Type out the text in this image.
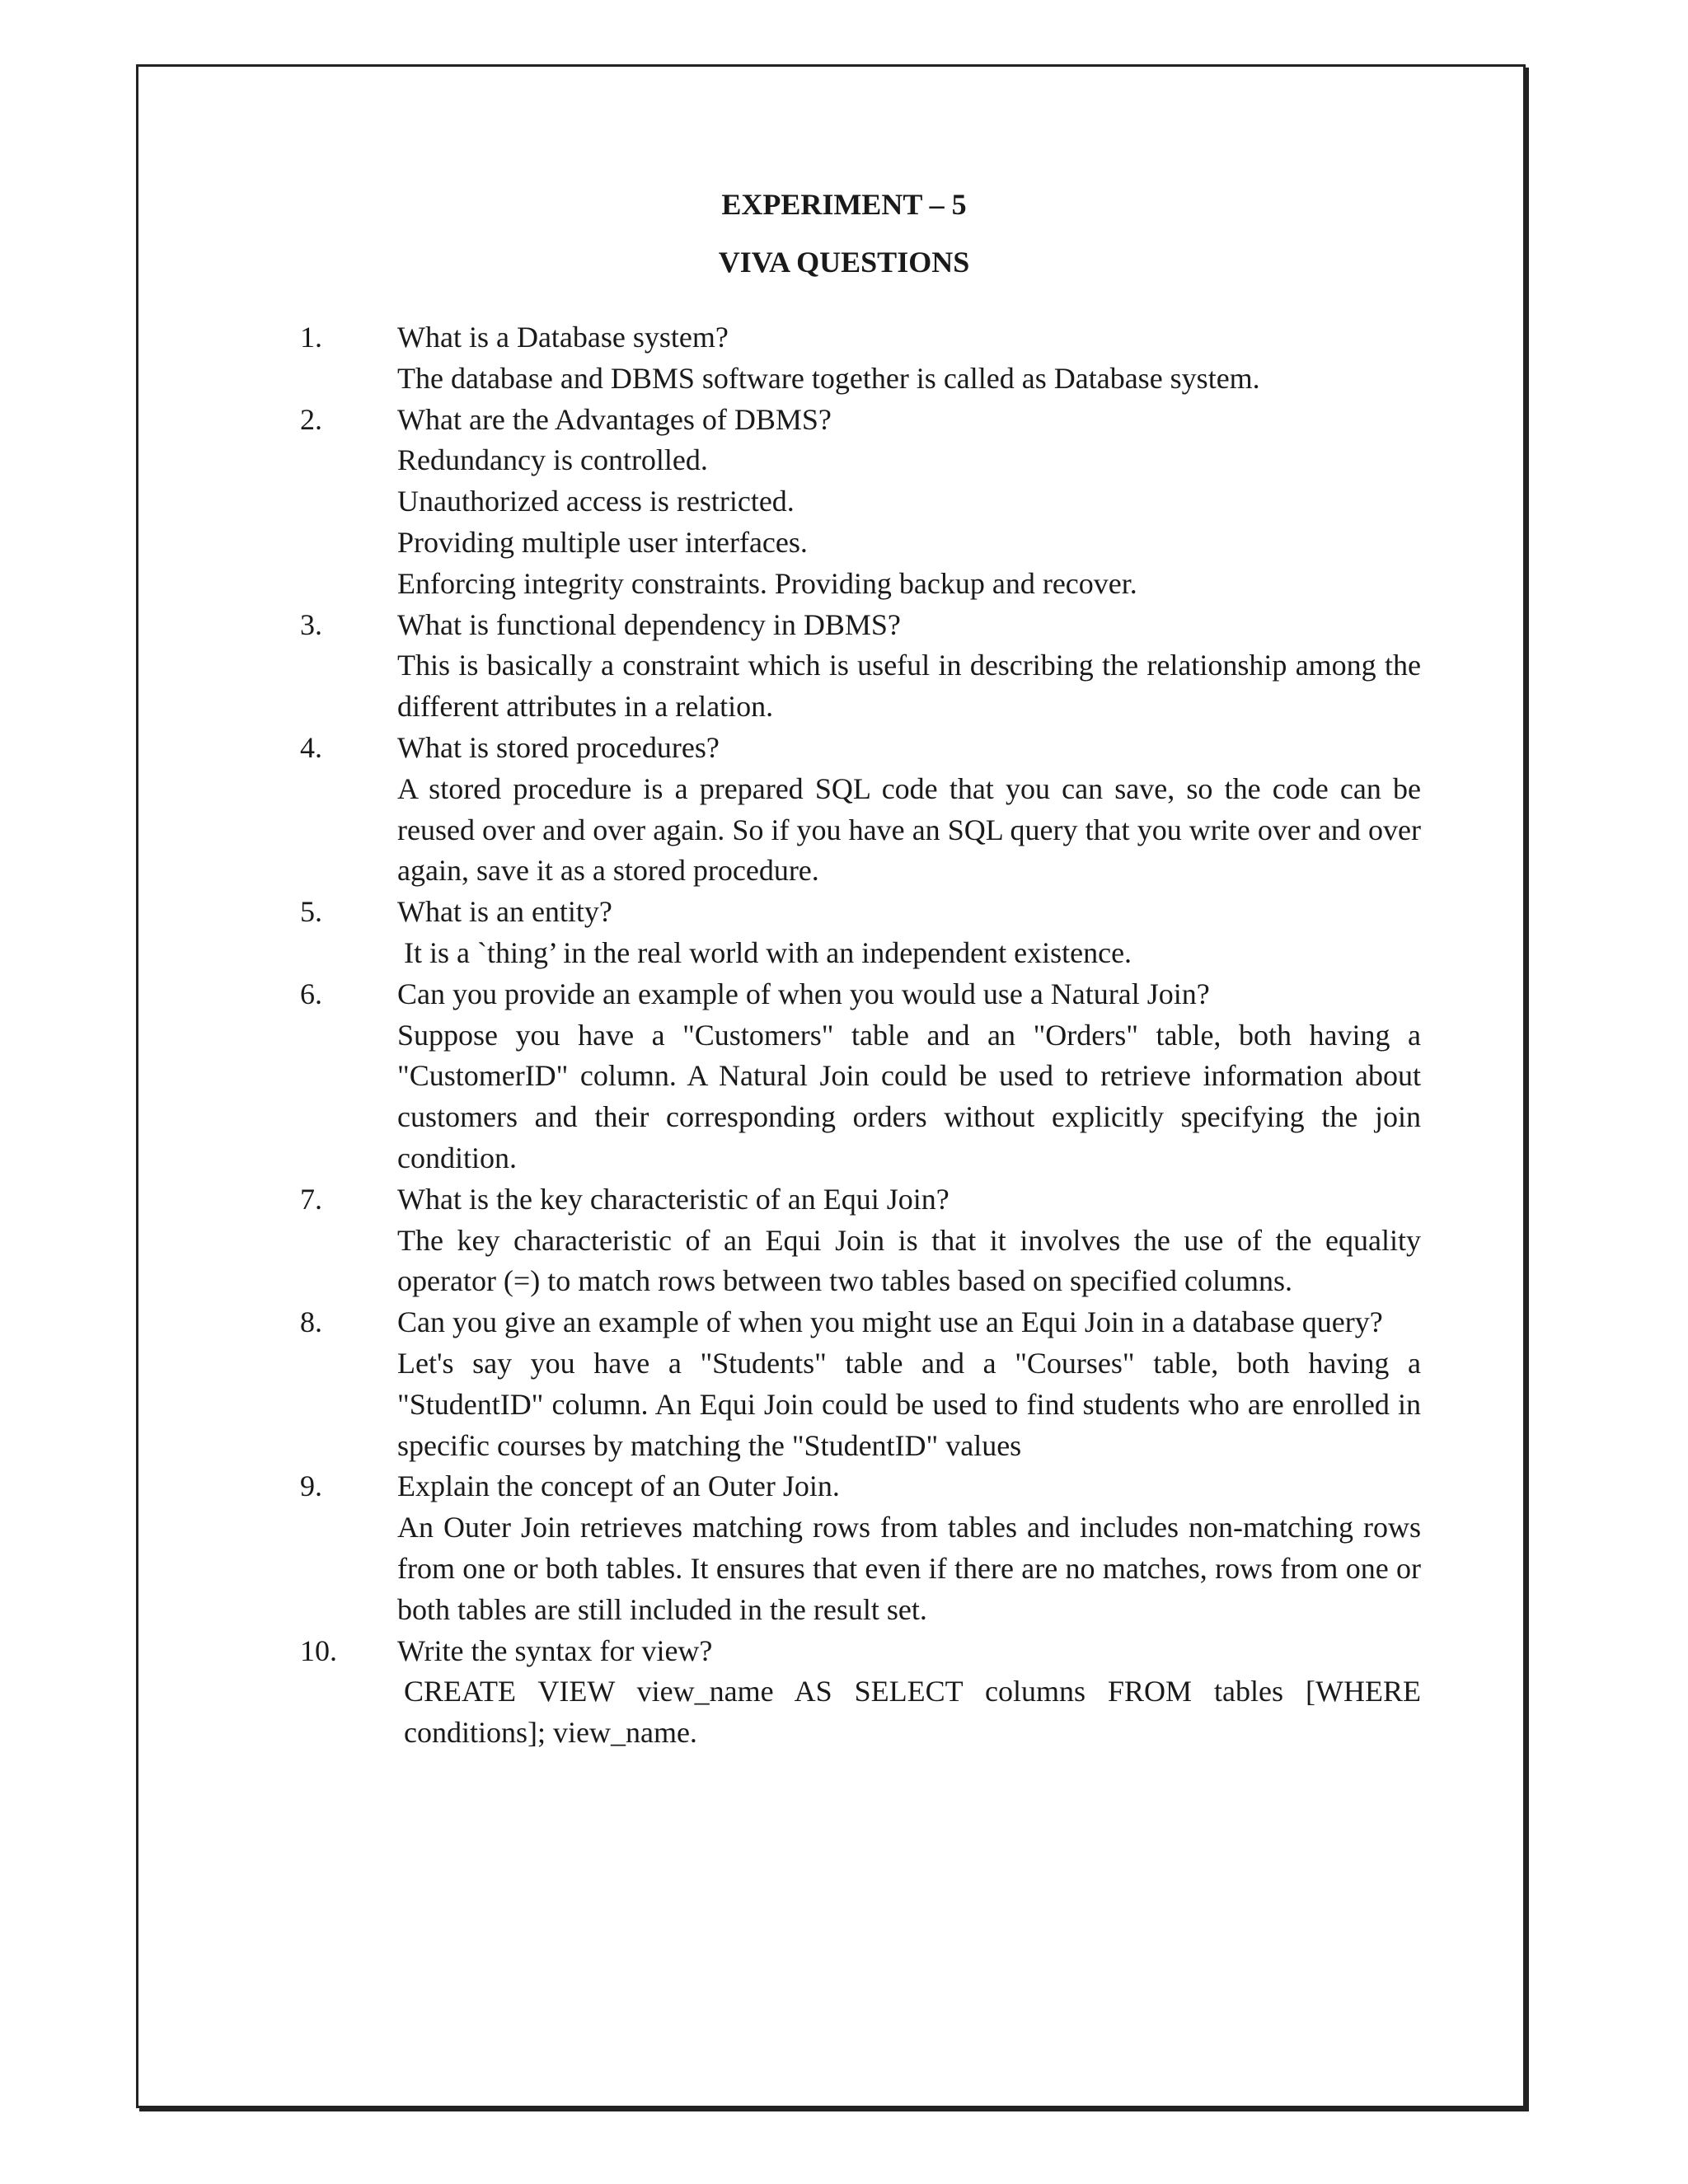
EXPERIMENT – 5
VIVA QUESTIONS
1.	What is a Database system?
The database and DBMS software together is called as Database system.
2.	What are the Advantages of DBMS?
Redundancy is controlled.
Unauthorized access is restricted.
Providing multiple user interfaces.
Enforcing integrity constraints. Providing backup and recover.
3.	What is functional dependency in DBMS?
This is basically a constraint which is useful in describing the relationship among the different attributes in a relation.
4.	What is stored procedures?
A stored procedure is a prepared SQL code that you can save, so the code can be reused over and over again. So if you have an SQL query that you write over and over again, save it as a stored procedure.
5.	What is an entity?
It is a `thing’ in the real world with an independent existence.
6.	Can you provide an example of when you would use a Natural Join?
Suppose you have a "Customers" table and an "Orders" table, both having a "CustomerID" column. A Natural Join could be used to retrieve information about customers and their corresponding orders without explicitly specifying the join condition.
7.	What is the key characteristic of an Equi Join?
The key characteristic of an Equi Join is that it involves the use of the equality operator (=) to match rows between two tables based on specified columns.
8.	Can you give an example of when you might use an Equi Join in a database query?
Let's say you have a "Students" table and a "Courses" table, both having a "StudentID" column. An Equi Join could be used to find students who are enrolled in specific courses by matching the "StudentID" values
9.	Explain the concept of an Outer Join.
An Outer Join retrieves matching rows from tables and includes non-matching rows from one or both tables. It ensures that even if there are no matches, rows from one or both tables are still included in the result set.
10.	Write the syntax for view?
CREATE VIEW view_name AS SELECT columns FROM tables [WHERE conditions]; view_name.
